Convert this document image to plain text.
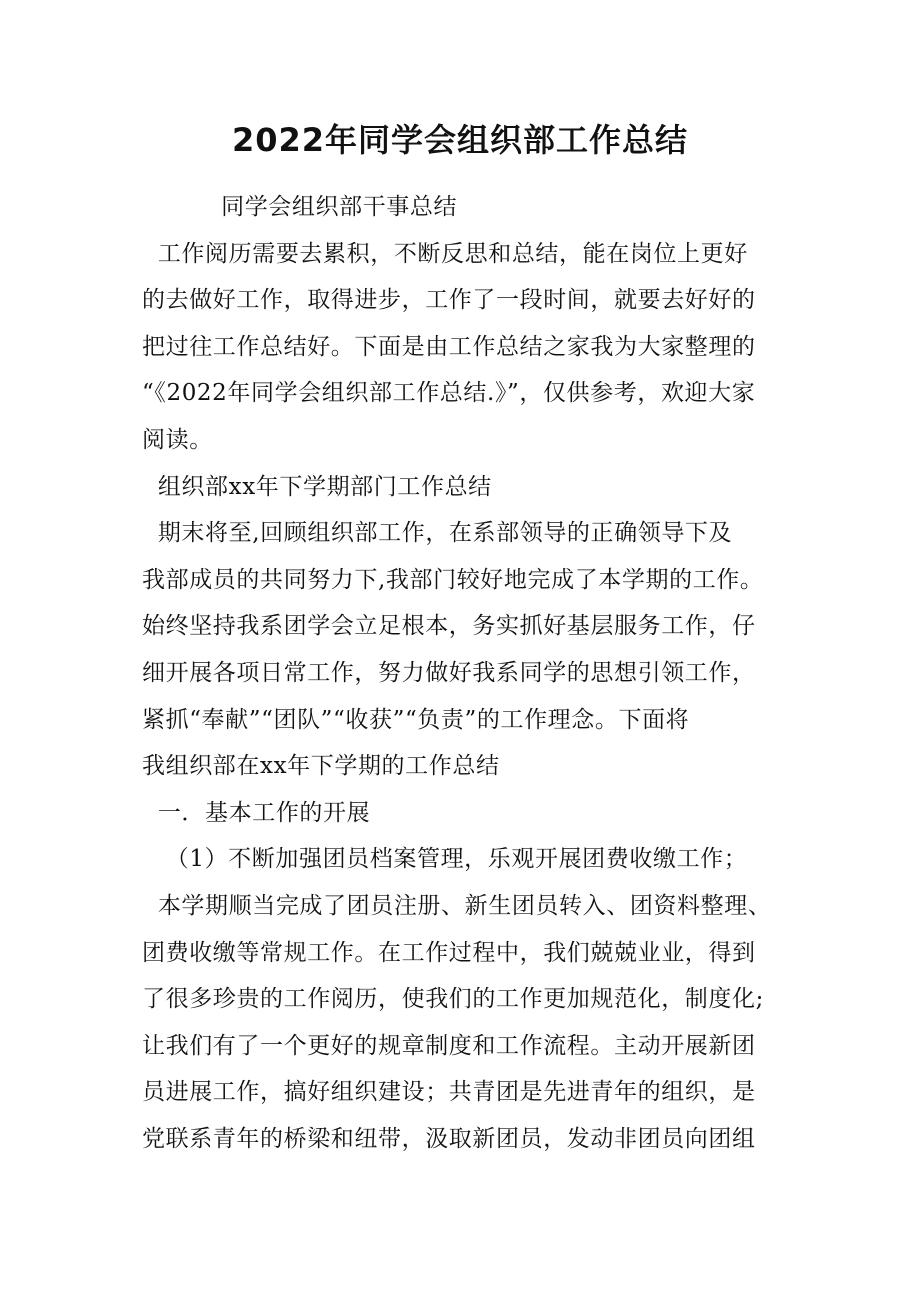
2022年同学会组织部工作总结
同学会组织部干事总结
工作阅历需要去累积，不断反思和总结，能在岗位上更好
的去做好工作，取得进步，工作了一段时间，就要去好好的
把过往工作总结好。下面是由工作总结之家我为大家整理的
“《2022年同学会组织部工作总结.》”，仅供参考，欢迎大家
阅读。
组织部xx年下学期部门工作总结
期末将至,回顾组织部工作，在系部领导的正确领导下及
我部成员的共同努力下,我部门较好地完成了本学期的工作。
始终坚持我系团学会立足根本，务实抓好基层服务工作，仔
细开展各项日常工作，努力做好我系同学的思想引领工作，
紧抓“奉献”“团队”“收获”“负责”的工作理念。下面将
我组织部在xx年下学期的工作总结
一．基本工作的开展
（1）不断加强团员档案管理，乐观开展团费收缴工作；
本学期顺当完成了团员注册、新生团员转入、团资料整理、
团费收缴等常规工作。在工作过程中，我们兢兢业业，得到
了很多珍贵的工作阅历，使我们的工作更加规范化，制度化;
让我们有了一个更好的规章制度和工作流程。主动开展新团
员进展工作，搞好组织建设；共青团是先进青年的组织，是
党联系青年的桥梁和纽带，汲取新团员，发动非团员向团组
